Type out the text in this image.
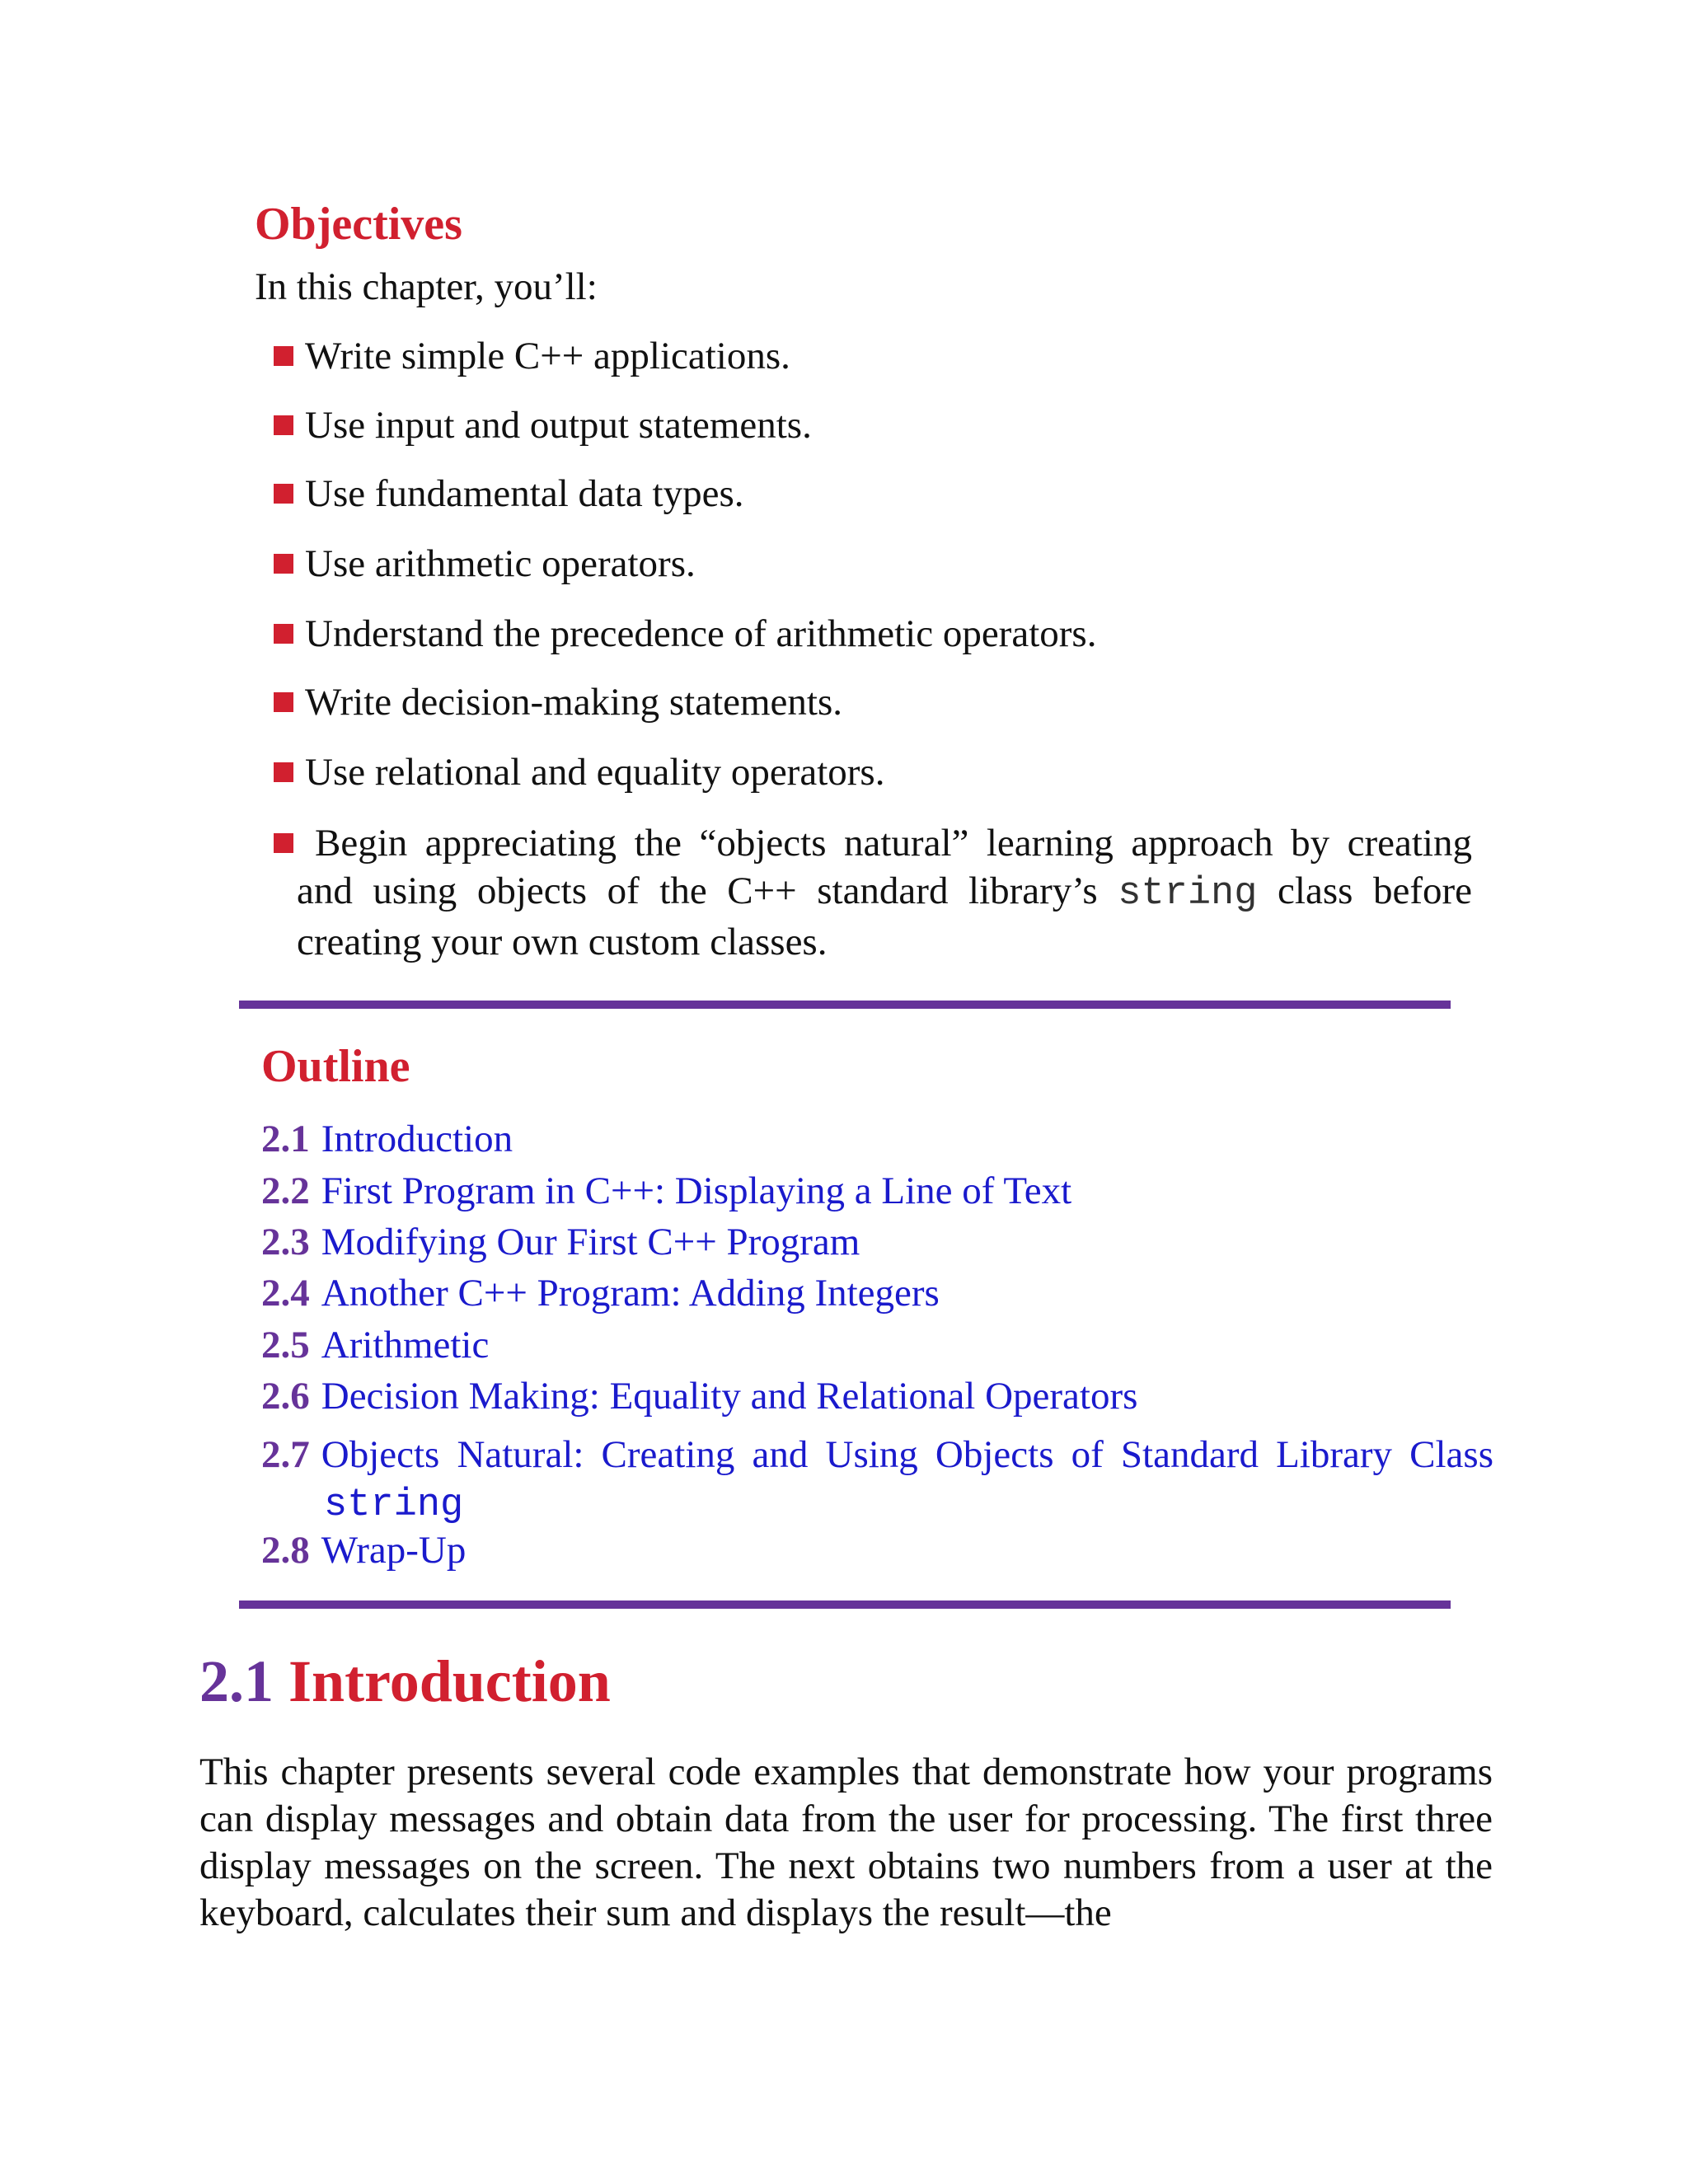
Objectives
In this chapter, you’ll:
Write simple C++ applications.
Use input and output statements.
Use fundamental data types.
Use arithmetic operators.
Understand the precedence of arithmetic operators.
Write decision-making statements.
Use relational and equality operators.
Begin appreciating the “objects natural” learning approach by creating and using objects of the C++ standard library’s string class before creating your own custom classes.
Outline
2.1 Introduction
2.2 First Program in C++: Displaying a Line of Text
2.3 Modifying Our First C++ Program
2.4 Another C++ Program: Adding Integers
2.5 Arithmetic
2.6 Decision Making: Equality and Relational Operators
2.7 Objects Natural: Creating and Using Objects of Standard Library Class string
2.8 Wrap-Up
2.1 Introduction
This chapter presents several code examples that demonstrate how your programs can display messages and obtain data from the user for processing. The first three display messages on the screen. The next obtains two numbers from a user at the keyboard, calculates their sum and displays the result—the
